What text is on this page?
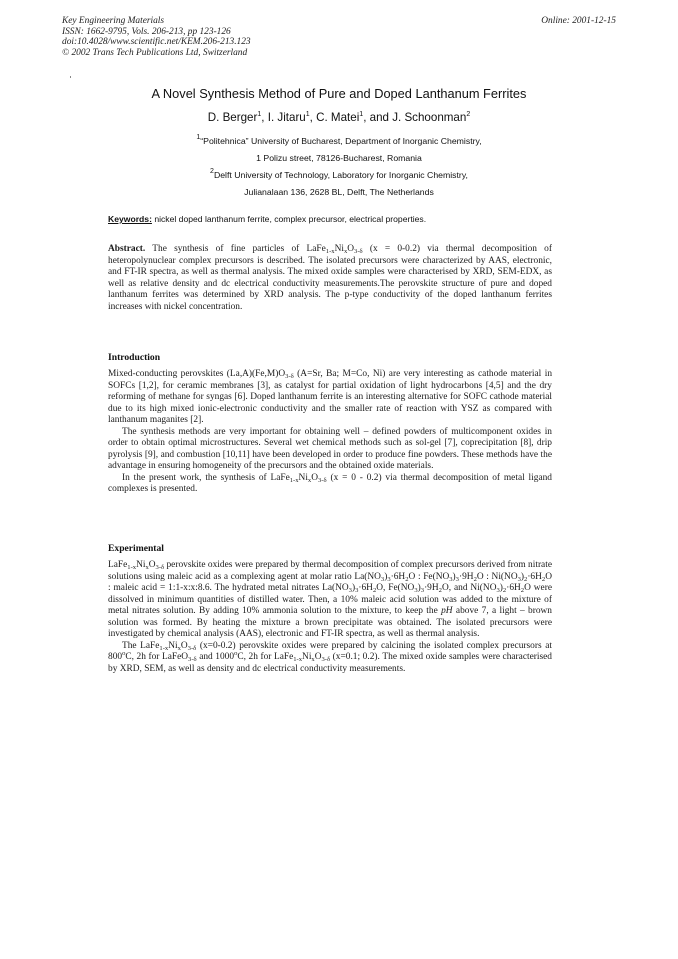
Key Engineering Materials
ISSN: 1662-9795, Vols. 206-213, pp 123-126
doi:10.4028/www.scientific.net/KEM.206-213.123
© 2002 Trans Tech Publications Ltd, Switzerland
Online: 2001-12-15
A Novel Synthesis Method of Pure and Doped Lanthanum Ferrites
D. Berger$^1$, I. Jitaru$^1$, C. Matei$^1$, and J. Schoonman$^2$
$^1$“Politehnica” University of Bucharest, Department of Inorganic Chemistry,
1 Polizu street, 78126-Bucharest, Romania
$^2$Delft University of Technology, Laboratory for Inorganic Chemistry,
Julianalaan 136, 2628 BL, Delft, The Netherlands
Keywords: nickel doped lanthanum ferrite, complex precursor, electrical properties.

Abstract. The synthesis of fine particles of $LaFe_{1-x}Ni_xO_{3-\delta}$ (x = 0-0.2) via thermal decomposition of heteropolynuclear complex precursors is described. The isolated precursors were characterized by AAS, electronic, and FT-IR spectra, as well as thermal analysis. The mixed oxide samples were characterised by XRD, SEM-EDX, as well as relative density and dc electrical conductivity measurements.The perovskite structure of pure and doped lanthanum ferrites was determined by XRD analysis. The p-type conductivity of the doped lanthanum ferrites increases with nickel concentration.

Introduction

Mixed-conducting perovskites $(La,A)(Fe,M)O_{3-\delta}$ (A=Sr, Ba; M=Co, Ni) are very interesting as cathode material in SOFCs [1,2], for ceramic membranes [3], as catalyst for partial oxidation of light hydrocarbons [4,5] and the dry reforming of methane for syngas [6]. Doped lanthanum ferrite is an interesting alternative for SOFC cathode material due to its high mixed ionic-electronic conductivity and the smaller rate of reaction with YSZ as compared with lanthanum maganites [2].

The synthesis methods are very important for obtaining well – defined powders of multicomponent oxides in order to obtain optimal microstructures. Several wet chemical methods such as sol-gel [7], coprecipitation [8], drip pyrolysis [9], and combustion [10,11] have been developed in order to produce fine powders. These methods have the advantage in ensuring homogeneity of the precursors and the obtained oxide materials.

In the present work, the synthesis of $LaFe_{1-x}Ni_xO_{3-\delta}$ (x = 0 - 0.2) via thermal decomposition of metal ligand complexes is presented.

Experimental

$LaFe_{1-x}Ni_xO_{3-\delta}$ perovskite oxides were prepared by thermal decomposition of complex precursors derived from nitrate solutions using maleic acid as a complexing agent at molar ratio $La(NO_3)_3\cdot 6H_2O$ : $Fe(NO_3)_3\cdot 9H_2O$ : $Ni(NO_3)_2\cdot 6H_2O$ : maleic acid = 1:1-x:x:8.6. The hydrated metal nitrates $La(NO_3)_3\cdot 6H_2O$, $Fe(NO_3)_3\cdot 9H_2O$, and $Ni(NO_3)_2\cdot 6H_2O$ were dissolved in minimum quantities of distilled water. Then, a 10% maleic acid solution was added to the mixture of metal nitrates solution. By adding 10% ammonia solution to the mixture, to keep the pH above 7, a light – brown solution was formed. By heating the mixture a brown precipitate was obtained. The isolated precursors were investigated by chemical analysis (AAS), electronic and FT-IR spectra, as well as thermal analysis.

The $LaFe_{1-x}Ni_xO_{3-\delta}$ (x=0-0.2) perovskite oxides were prepared by calcining the isolated complex precursors at 800$^o$C, 2h for LaFeO$_{3-\delta}$ and 1000$^o$C, 2h for $LaFe_{1-x}Ni_xO_{3-\delta}$ (x=0.1; 0.2). The mixed oxide samples were characterised by XRD, SEM, as well as density and dc electrical conductivity measurements.
